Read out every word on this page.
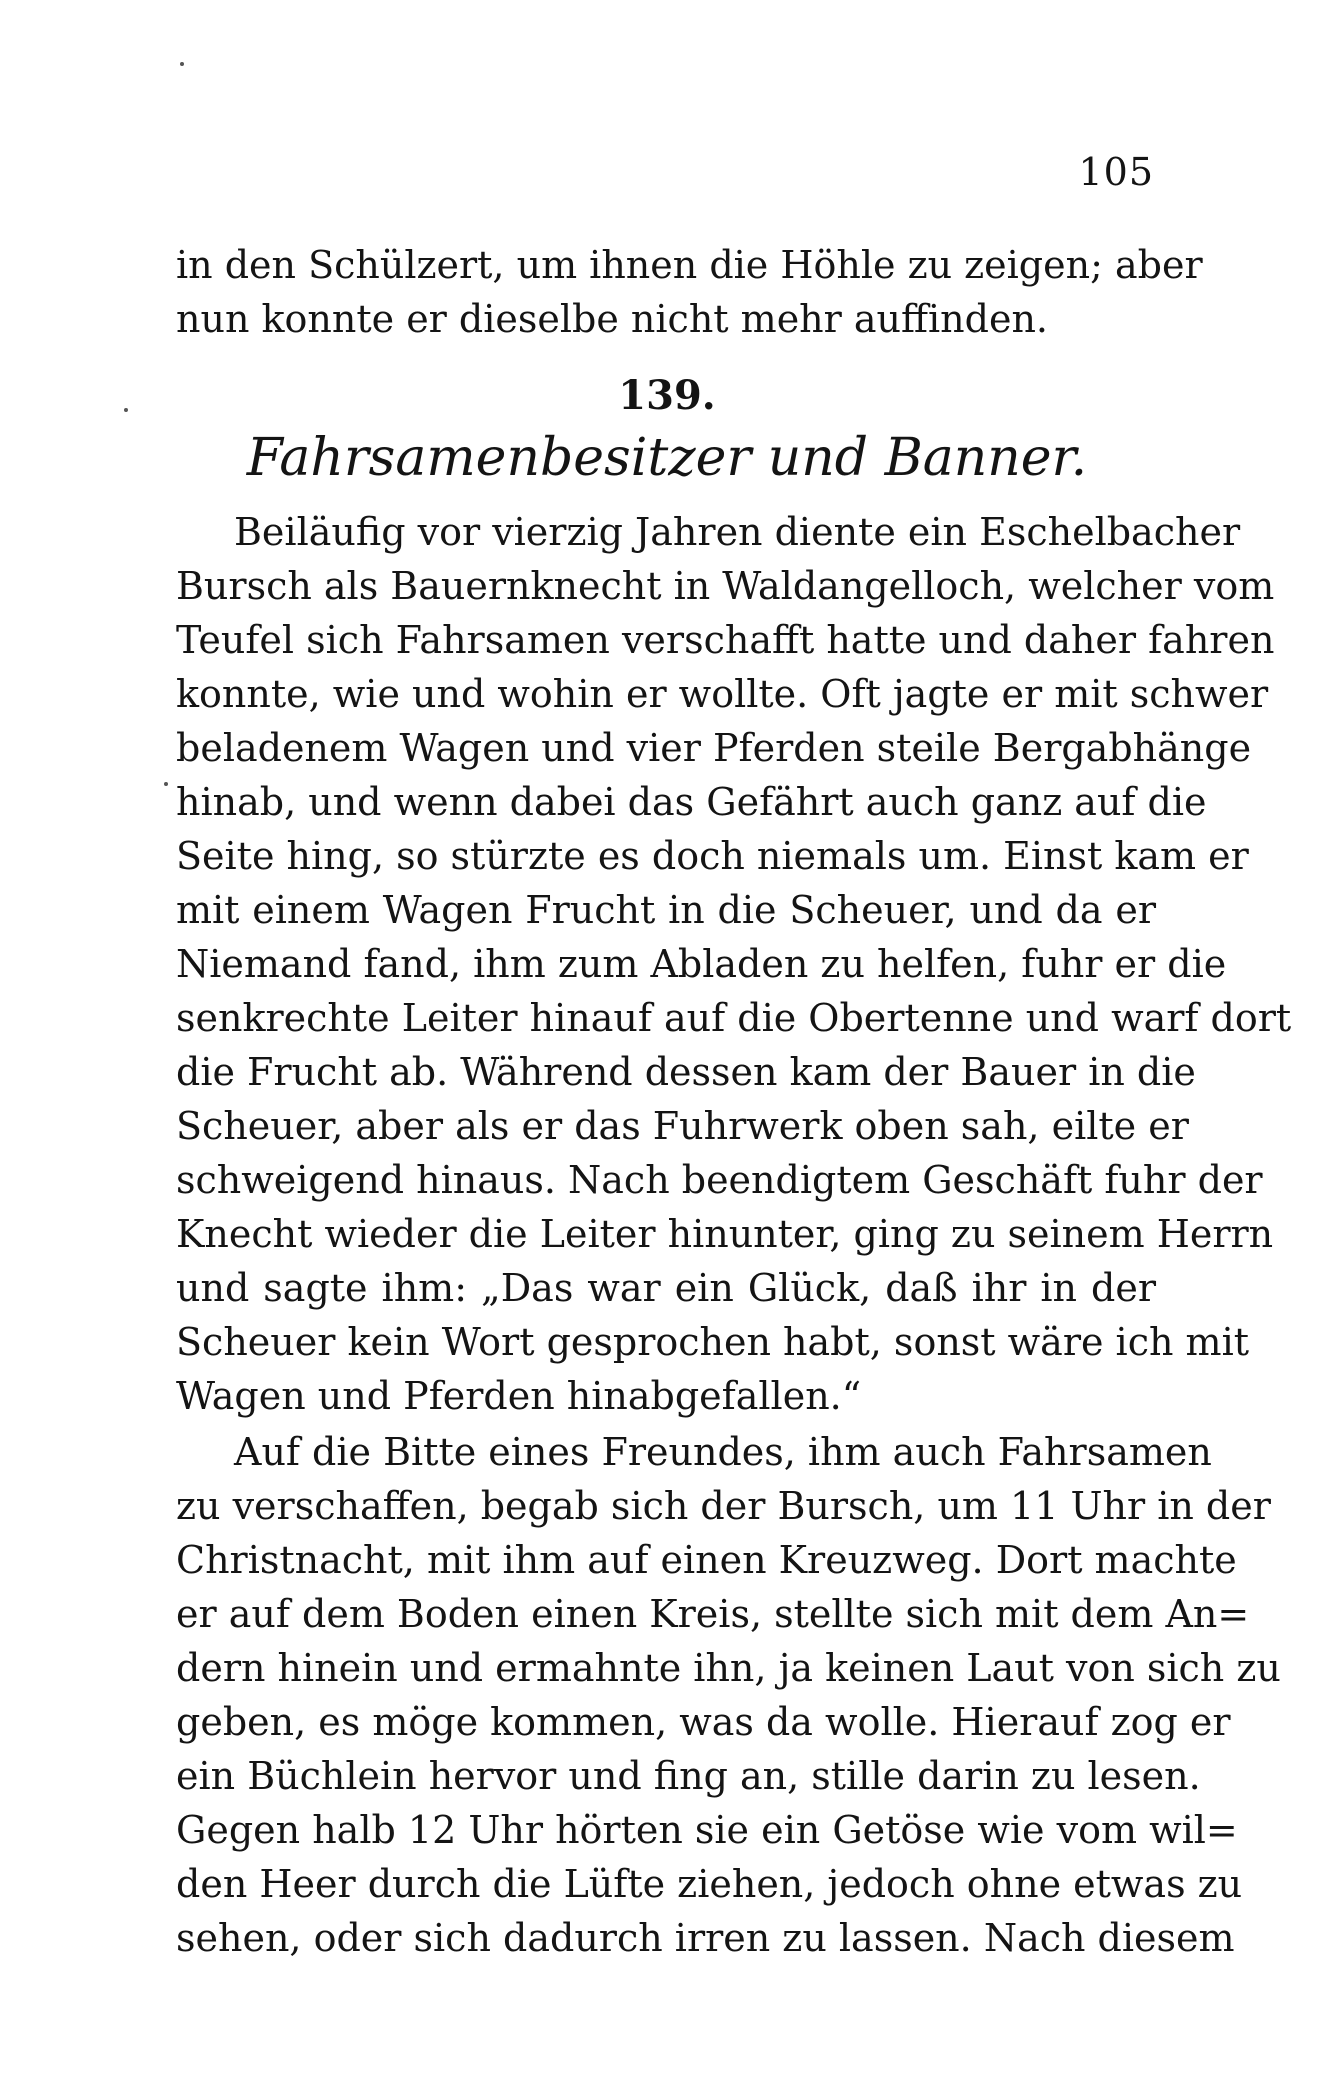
105
in den Schülzert, um ihnen die Höhle zu zeigen; aber
nun konnte er dieselbe nicht mehr auffinden.
139.
Fahrsamenbesitzer und Banner.
Beiläufig vor vierzig Jahren diente ein Eschelbacher
Bursch als Bauernknecht in Waldangelloch, welcher vom
Teufel sich Fahrsamen verschafft hatte und daher fahren
konnte, wie und wohin er wollte. Oft jagte er mit schwer
beladenem Wagen und vier Pferden steile Bergabhänge
hinab, und wenn dabei das Gefährt auch ganz auf die
Seite hing, so stürzte es doch niemals um. Einst kam er
mit einem Wagen Frucht in die Scheuer, und da er
Niemand fand, ihm zum Abladen zu helfen, fuhr er die
senkrechte Leiter hinauf auf die Obertenne und warf dort
die Frucht ab. Während dessen kam der Bauer in die
Scheuer, aber als er das Fuhrwerk oben sah, eilte er
schweigend hinaus. Nach beendigtem Geschäft fuhr der
Knecht wieder die Leiter hinunter, ging zu seinem Herrn
und sagte ihm: „Das war ein Glück, daß ihr in der
Scheuer kein Wort gesprochen habt, sonst wäre ich mit
Wagen und Pferden hinabgefallen.“
Auf die Bitte eines Freundes, ihm auch Fahrsamen
zu verschaffen, begab sich der Bursch, um 11 Uhr in der
Christnacht, mit ihm auf einen Kreuzweg. Dort machte
er auf dem Boden einen Kreis, stellte sich mit dem An=
dern hinein und ermahnte ihn, ja keinen Laut von sich zu
geben, es möge kommen, was da wolle. Hierauf zog er
ein Büchlein hervor und fing an, stille darin zu lesen.
Gegen halb 12 Uhr hörten sie ein Getöse wie vom wil=
den Heer durch die Lüfte ziehen, jedoch ohne etwas zu
sehen, oder sich dadurch irren zu lassen. Nach diesem
